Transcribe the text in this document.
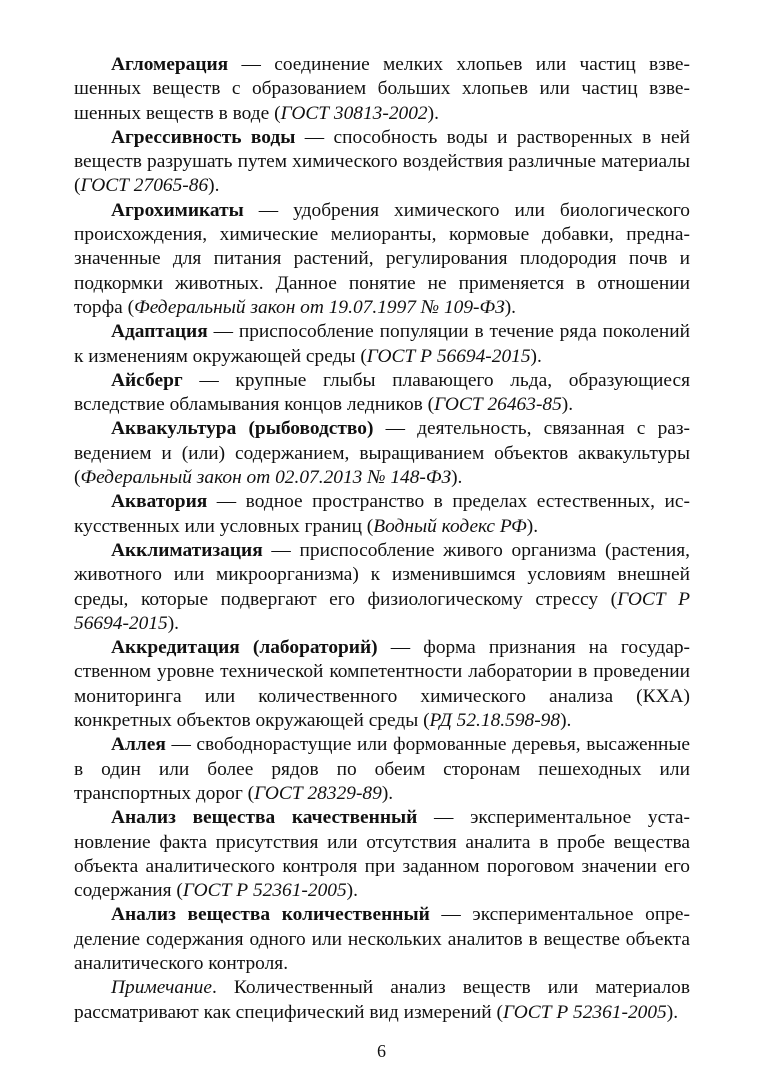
Агломерация — соединение мелких хлопьев или частиц взвешенных веществ с образованием больших хлопьев или частиц взвешенных веществ в воде (ГОСТ 30813-2002).

Агрессивность воды — способность воды и растворенных в ней веществ разрушать путем химического воздействия различные материалы (ГОСТ 27065-86).

Агрохимикаты — удобрения химического или биологического происхождения, химические мелиоранты, кормовые добавки, предназначенные для питания растений, регулирования плодородия почв и подкормки животных. Данное понятие не применяется в отношении торфа (Федеральный закон от 19.07.1997 № 109-ФЗ).

Адаптация — приспособление популяции в течение ряда поколений к изменениям окружающей среды (ГОСТ Р 56694-2015).

Айсберг — крупные глыбы плавающего льда, образующиеся вследствие обламывания концов ледников (ГОСТ 26463-85).

Аквакультура (рыбоводство) — деятельность, связанная с разведением и (или) содержанием, выращиванием объектов аквакультуры (Федеральный закон от 02.07.2013 № 148-ФЗ).

Акватория — водное пространство в пределах естественных, искусственных или условных границ (Водный кодекс РФ).

Акклиматизация — приспособление живого организма (растения, животного или микроорганизма) к изменившимся условиям внешней среды, которые подвергают его физиологическому стрессу (ГОСТ Р 56694-2015).

Аккредитация (лабораторий) — форма признания на государственном уровне технической компетентности лаборатории в проведении мониторинга или количественного химического анализа (КХА) конкретных объектов окружающей среды (РД 52.18.598-98).

Аллея — свободнорастущие или формованные деревья, высаженные в один или более рядов по обеим сторонам пешеходных или транспортных дорог (ГОСТ 28329-89).

Анализ вещества качественный — экспериментальное установление факта присутствия или отсутствия аналита в пробе вещества объекта аналитического контроля при заданном пороговом значении его содержания (ГОСТ Р 52361-2005).

Анализ вещества количественный — экспериментальное определение содержания одного или нескольких аналитов в веществе объекта аналитического контроля.

Примечание. Количественный анализ веществ или материалов рассматривают как специфический вид измерений (ГОСТ Р 52361-2005).

6
